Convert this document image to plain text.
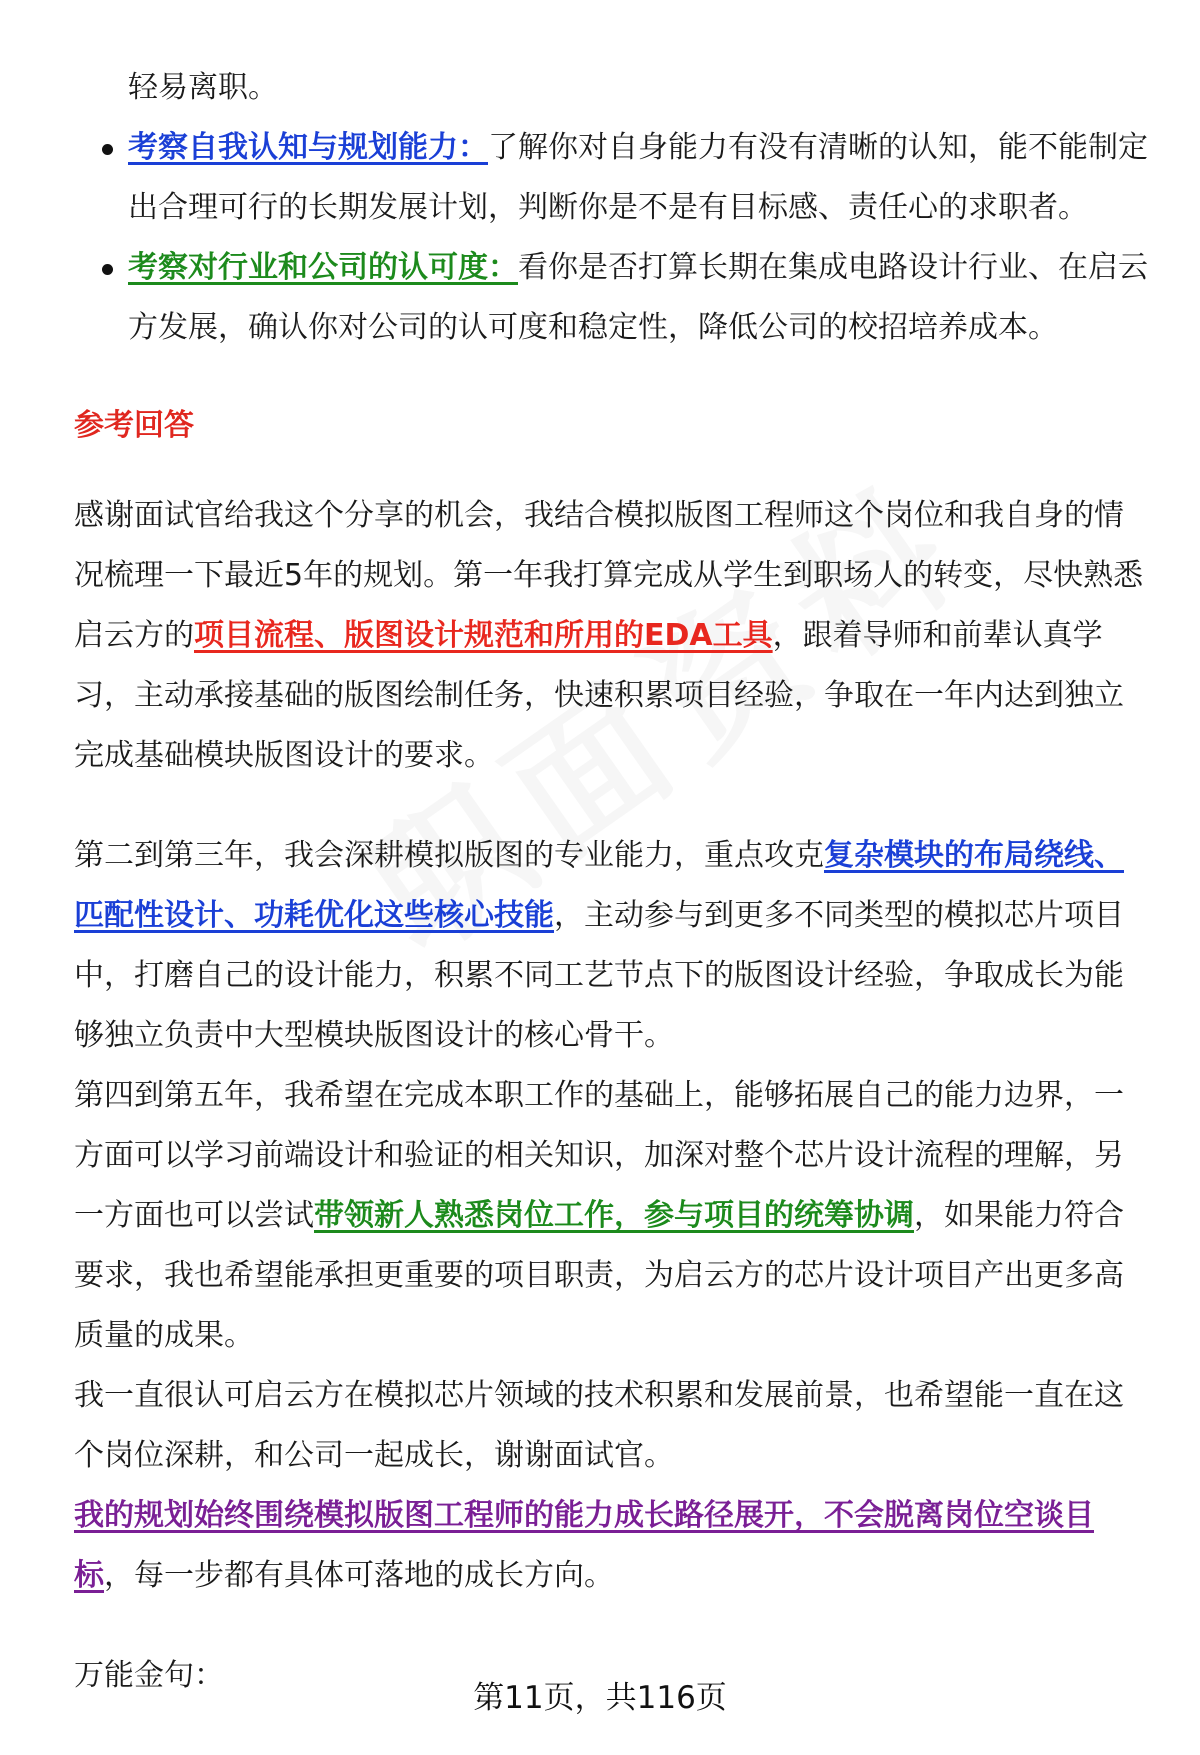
轻易离职。

考察自我认知与规划能力：了解你对自身能力有没有清晰的认知，能不能制定出合理可行的长期发展计划，判断你是不是有目标感、责任心的求职者。
考察对行业和公司的认可度：看你是否打算长期在集成电路设计行业、在启云方发展，确认你对公司的认可度和稳定性，降低公司的校招培养成本。
参考回答

感谢面试官给我这个分享的机会，我结合模拟版图工程师这个岗位和我自身的情况梳理一下最近5年的规划。第一年我打算完成从学生到职场人的转变，尽快熟悉启云方的项目流程、版图设计规范和所用的EDA工具，跟着导师和前辈认真学习，主动承接基础的版图绘制任务，快速积累项目经验，争取在一年内达到独立完成基础模块版图设计的要求。

第二到第三年，我会深耕模拟版图的专业能力，重点攻克复杂模块的布局绕线、匹配性设计、功耗优化这些核心技能，主动参与到更多不同类型的模拟芯片项目中，打磨自己的设计能力，积累不同工艺节点下的版图设计经验，争取成长为能够独立负责中大型模块版图设计的核心骨干。

第四到第五年，我希望在完成本职工作的基础上，能够拓展自己的能力边界，一方面可以学习前端设计和验证的相关知识，加深对整个芯片设计流程的理解，另一方面也可以尝试带领新人熟悉岗位工作，参与项目的统筹协调，如果能力符合要求，我也希望能承担更重要的项目职责，为启云方的芯片设计项目产出更多高质量的成果。

我一直很认可启云方在模拟芯片领域的技术积累和发展前景，也希望能一直在这个岗位深耕，和公司一起成长，谢谢面试官。

我的规划始终围绕模拟版图工程师的能力成长路径展开，不会脱离岗位空谈目标，每一步都有具体可落地的成长方向。

万能金句：

第11页，共116页
